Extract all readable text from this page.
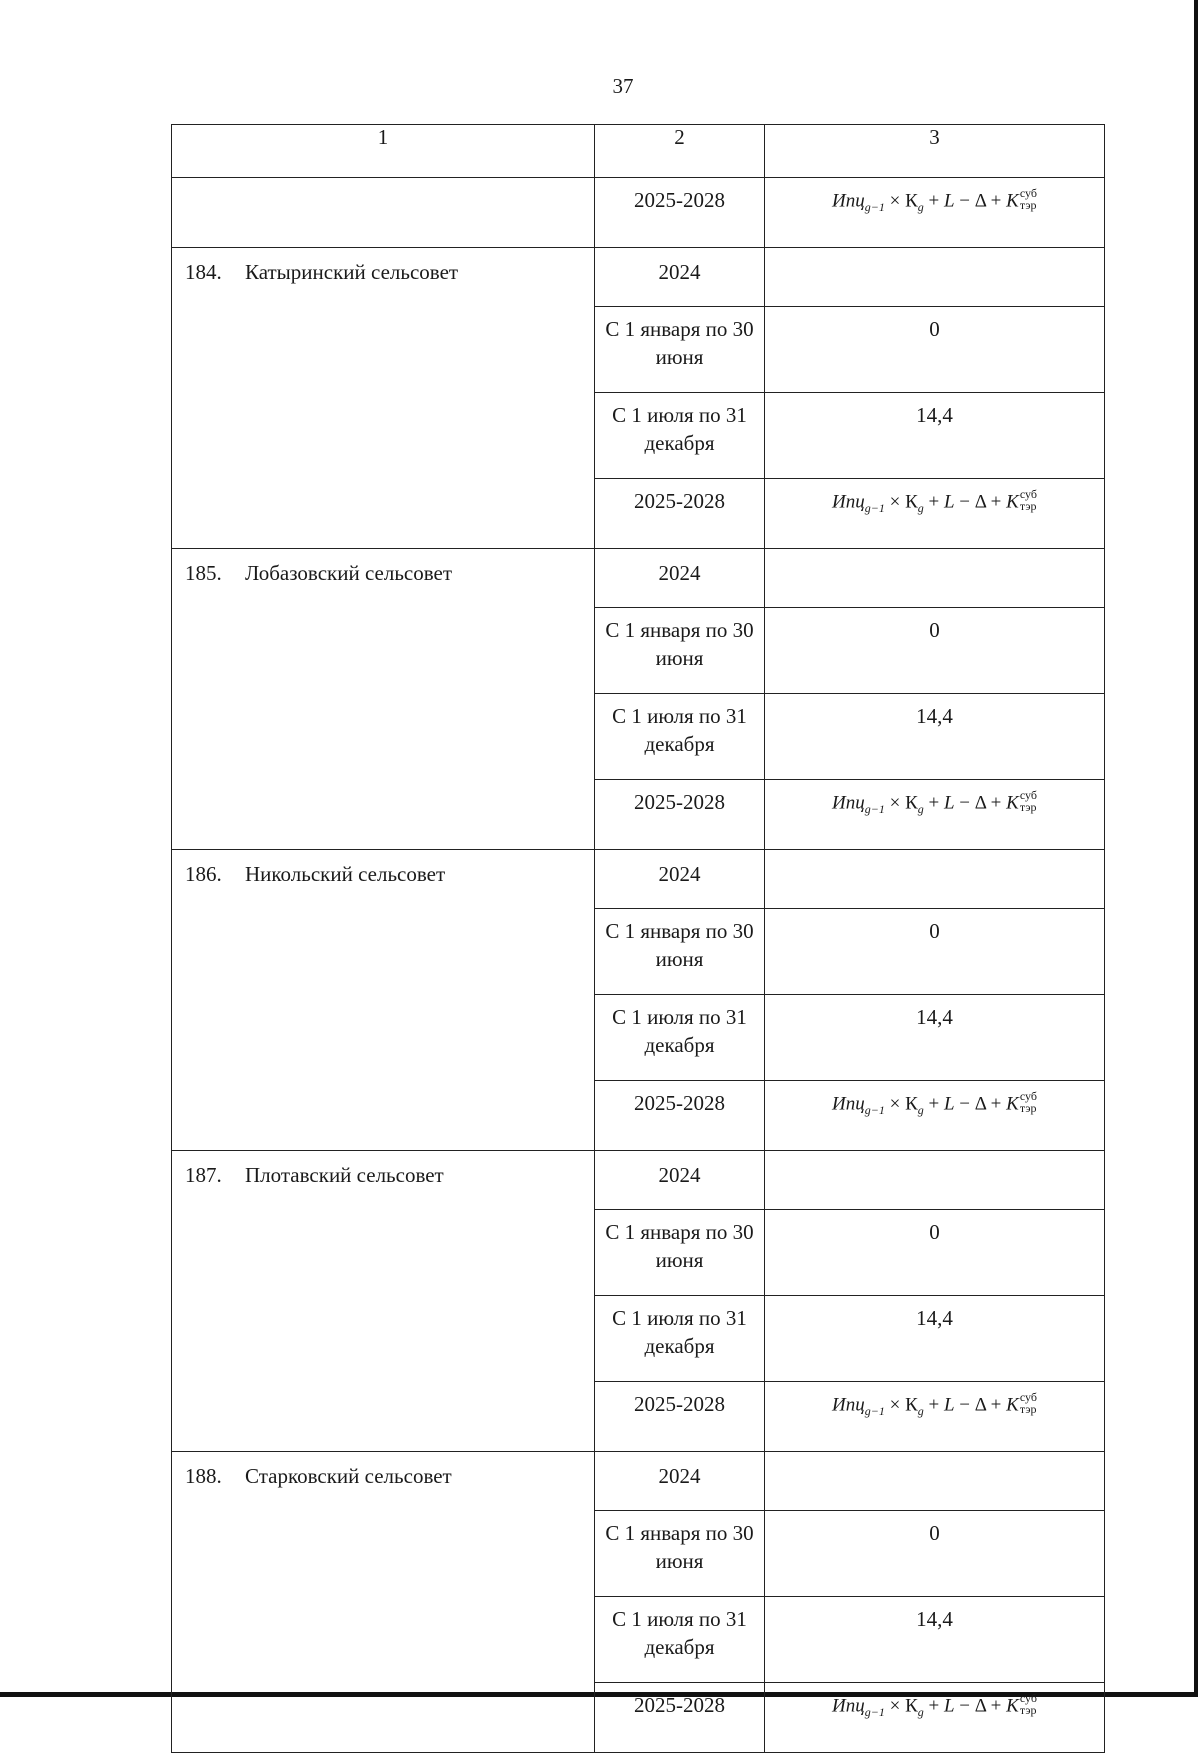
37
1	2	3
	2025-2028	$Ипц_{g-1} \times К_g + L - \Delta + K$ суб
тэр

184. Катыринский сельсовет	2024	
	С 1 января по 30 июня	0
	С 1 июля по 31 декабря	14,4
	2025-2028	$Ипц_{g-1} \times К_g + L - \Delta + K$ суб
тэр

185. Лобазовский сельсовет	2024	
	С 1 января по 30 июня	0
	С 1 июля по 31 декабря	14,4
	2025-2028	$Ипц_{g-1} \times К_g + L - \Delta + K$ суб
тэр

186. Никольский сельсовет	2024	
	С 1 января по 30 июня	0
	С 1 июля по 31 декабря	14,4
	2025-2028	$Ипц_{g-1} \times К_g + L - \Delta + K$ суб
тэр

187. Плотавский сельсовет	2024	
	С 1 января по 30 июня	0
	С 1 июля по 31 декабря	14,4
	2025-2028	$Ипц_{g-1} \times К_g + L - \Delta + K$ суб
тэр

188. Старковский сельсовет	2024	
	С 1 января по 30 июня	0
	С 1 июля по 31 декабря	14,4
	2025-2028	$Ипц_{g-1} \times К_g + L - \Delta + K$ суб
тэр
